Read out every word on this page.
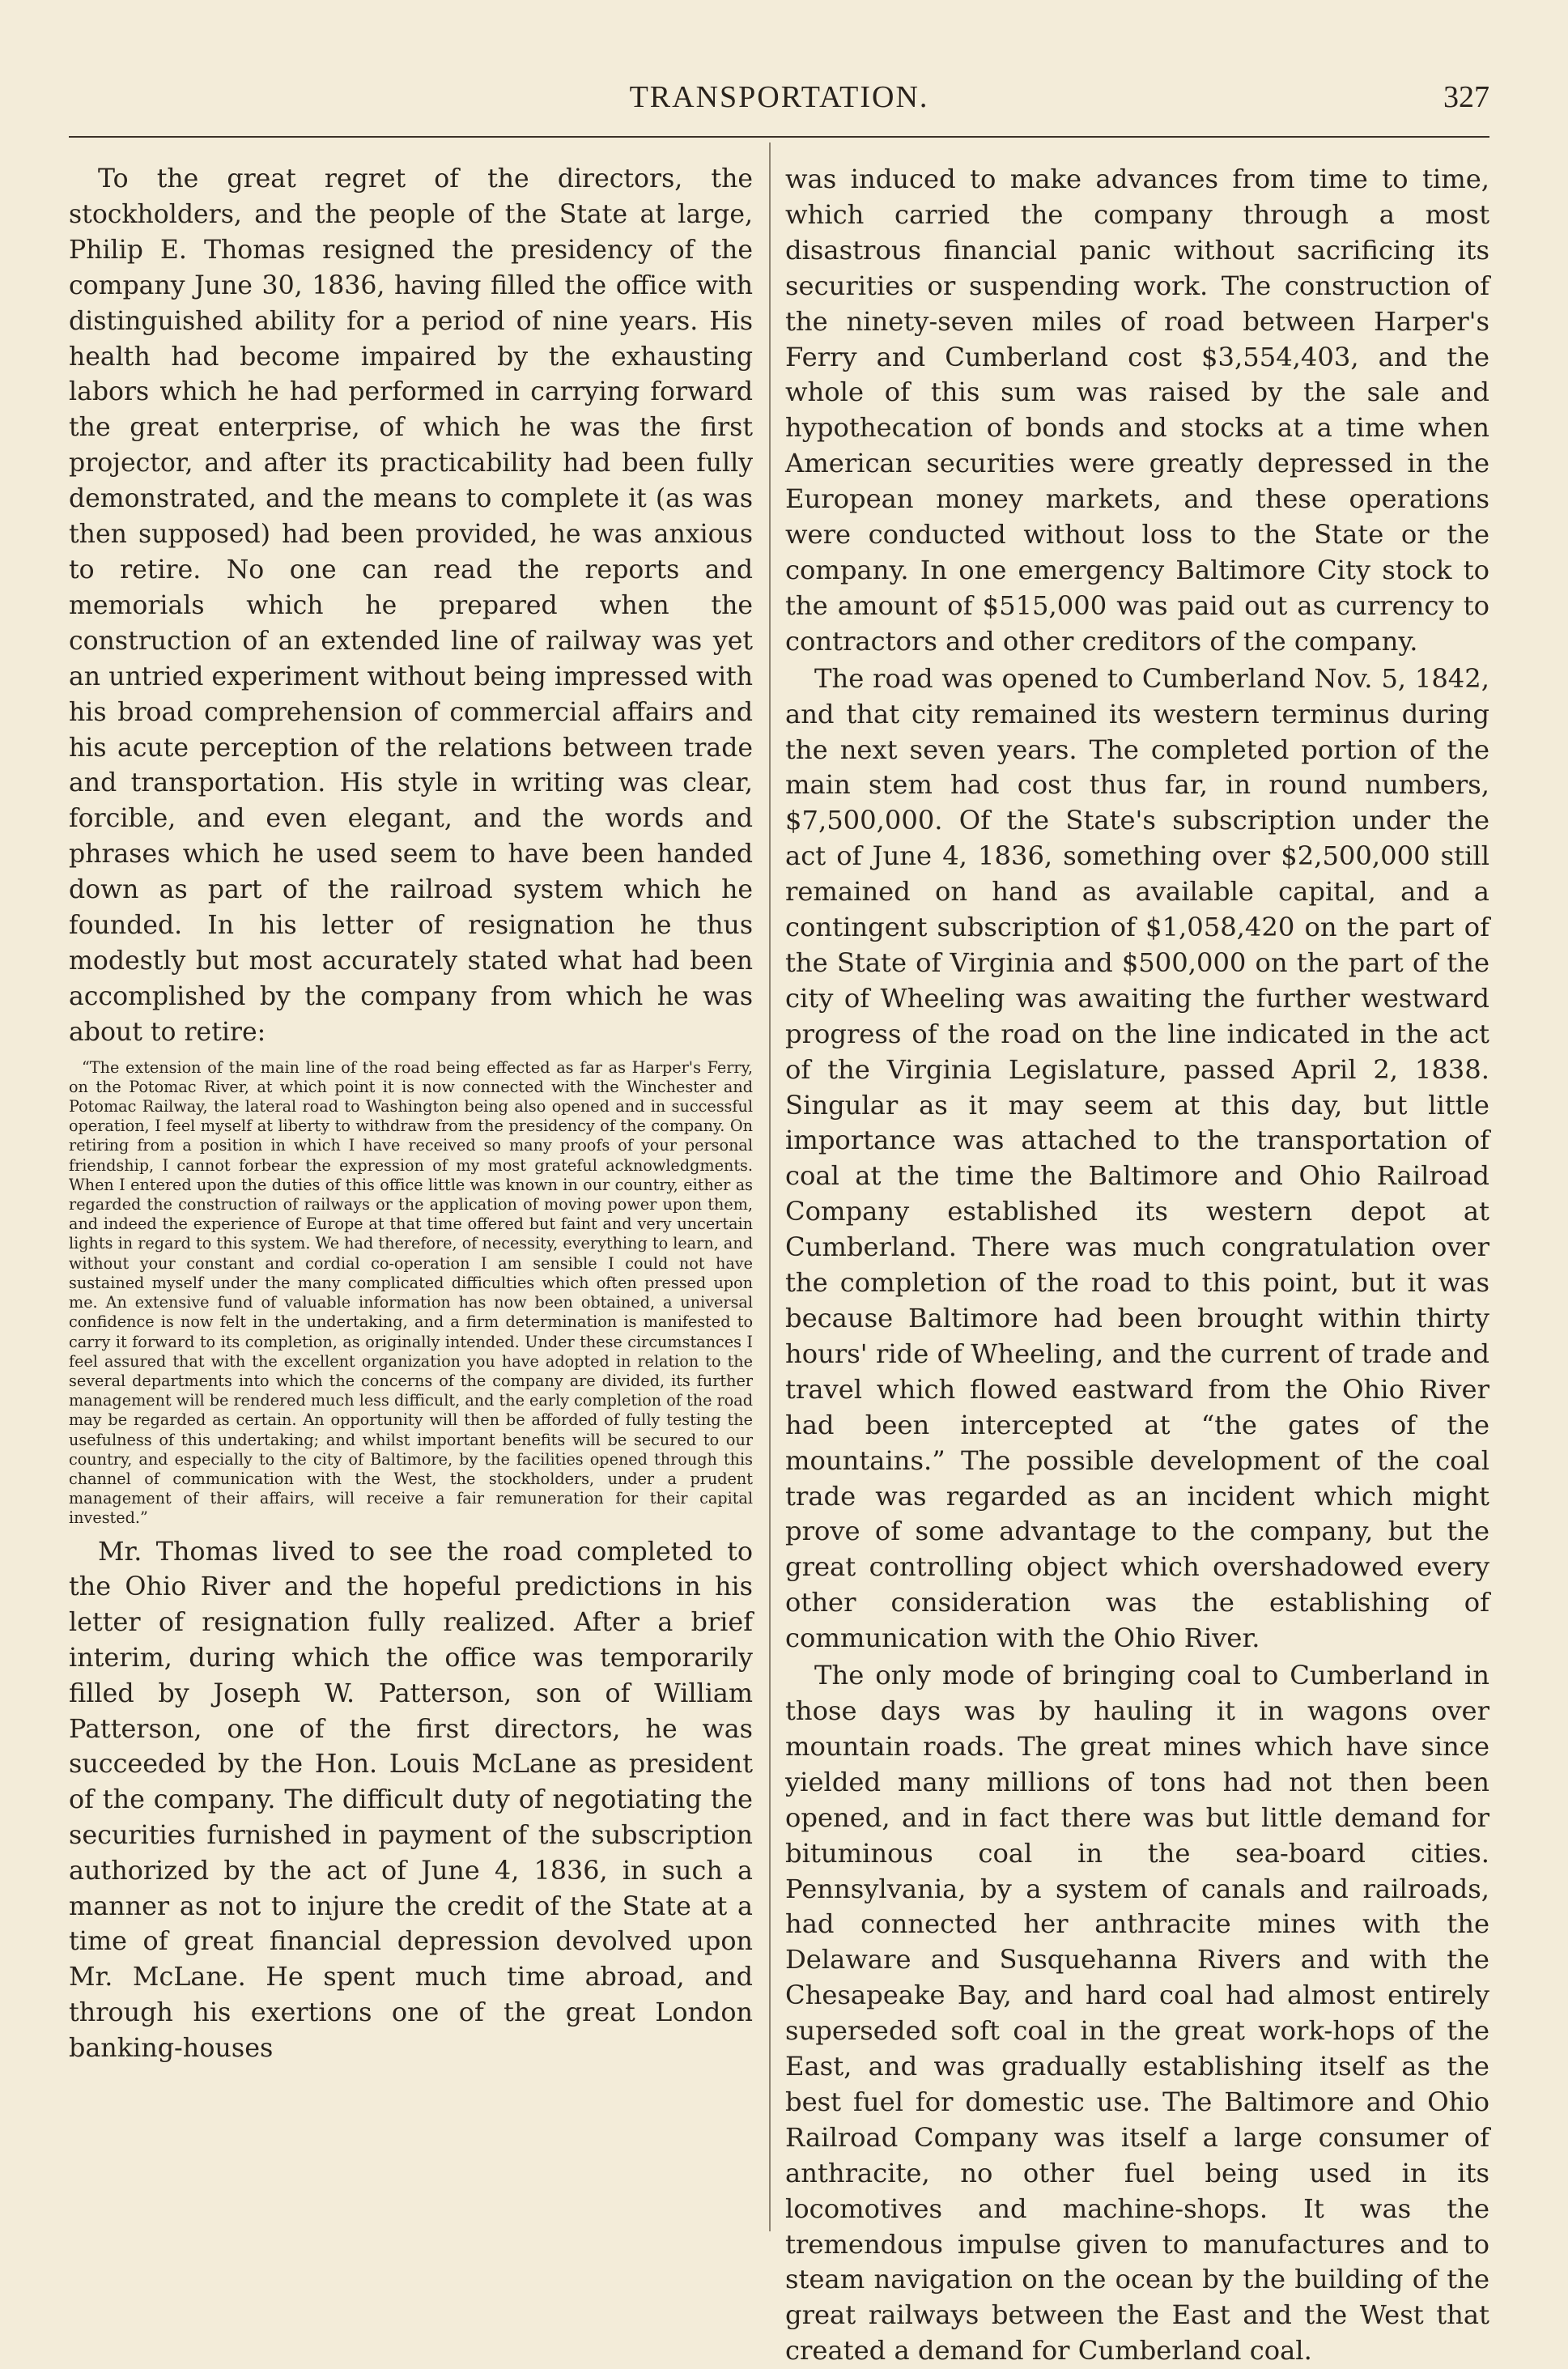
TRANSPORTATION.	327

To the great regret of the directors, the stockholders, and the people of the State at large, Philip E. Thomas resigned the presidency of the company June 30, 1836, having filled the office with distinguished ability for a period of nine years. His health had become impaired by the exhausting labors which he had performed in carrying forward the great enterprise, of which he was the first projector, and after its practicability had been fully demonstrated, and the means to complete it (as was then supposed) had been provided, he was anxious to retire. No one can read the reports and memorials which he prepared when the construction of an extended line of railway was yet an untried experiment without being impressed with his broad comprehension of commercial affairs and his acute perception of the relations between trade and transportation. His style in writing was clear, forcible, and even elegant, and the words and phrases which he used seem to have been handed down as part of the railroad system which he founded. In his letter of resignation he thus modestly but most accurately stated what had been accomplished by the company from which he was about to retire:

“The extension of the main line of the road being effected as far as Harper's Ferry, on the Potomac River, at which point it is now connected with the Winchester and Potomac Railway, the lateral road to Washington being also opened and in successful operation, I feel myself at liberty to withdraw from the presidency of the company. On retiring from a position in which I have received so many proofs of your personal friendship, I cannot forbear the expression of my most grateful acknowledgments. When I entered upon the duties of this office little was known in our country, either as regarded the construction of railways or the application of moving power upon them, and indeed the experience of Europe at that time offered but faint and very uncertain lights in regard to this system. We had therefore, of necessity, everything to learn, and without your constant and cordial co-operation I am sensible I could not have sustained myself under the many complicated difficulties which often pressed upon me. An extensive fund of valuable information has now been obtained, a universal confidence is now felt in the undertaking, and a firm determination is manifested to carry it forward to its completion, as originally intended. Under these circumstances I feel assured that with the excellent organization you have adopted in relation to the several departments into which the concerns of the company are divided, its further management will be rendered much less difficult, and the early completion of the road may be regarded as certain. An opportunity will then be afforded of fully testing the usefulness of this undertaking; and whilst important benefits will be secured to our country, and especially to the city of Baltimore, by the facilities opened through this channel of communication with the West, the stockholders, under a prudent management of their affairs, will receive a fair remuneration for their capital invested.”

Mr. Thomas lived to see the road completed to the Ohio River and the hopeful predictions in his letter of resignation fully realized. After a brief interim, during which the office was temporarily filled by Joseph W. Patterson, son of William Patterson, one of the first directors, he was succeeded by the Hon. Louis McLane as president of the company. The difficult duty of negotiating the securities furnished in payment of the subscription authorized by the act of June 4, 1836, in such a manner as not to injure the credit of the State at a time of great financial depression devolved upon Mr. McLane. He spent much time abroad, and through his exertions one of the great London banking-houses

was induced to make advances from time to time, which carried the company through a most disastrous financial panic without sacrificing its securities or suspending work. The construction of the ninety-seven miles of road between Harper's Ferry and Cumberland cost $3,554,403, and the whole of this sum was raised by the sale and hypothecation of bonds and stocks at a time when American securities were greatly depressed in the European money markets, and these operations were conducted without loss to the State or the company. In one emergency Baltimore City stock to the amount of $515,000 was paid out as currency to contractors and other creditors of the company.

The road was opened to Cumberland Nov. 5, 1842, and that city remained its western terminus during the next seven years. The completed portion of the main stem had cost thus far, in round numbers, $7,500,000. Of the State's subscription under the act of June 4, 1836, something over $2,500,000 still remained on hand as available capital, and a contingent subscription of $1,058,420 on the part of the State of Virginia and $500,000 on the part of the city of Wheeling was awaiting the further westward progress of the road on the line indicated in the act of the Virginia Legislature, passed April 2, 1838. Singular as it may seem at this day, but little importance was attached to the transportation of coal at the time the Baltimore and Ohio Railroad Company established its western depot at Cumberland. There was much congratulation over the completion of the road to this point, but it was because Baltimore had been brought within thirty hours' ride of Wheeling, and the current of trade and travel which flowed eastward from the Ohio River had been intercepted at “the gates of the mountains.” The possible development of the coal trade was regarded as an incident which might prove of some advantage to the company, but the great controlling object which overshadowed every other consideration was the establishing of communication with the Ohio River.

The only mode of bringing coal to Cumberland in those days was by hauling it in wagons over mountain roads. The great mines which have since yielded many millions of tons had not then been opened, and in fact there was but little demand for bituminous coal in the sea-board cities. Pennsylvania, by a system of canals and railroads, had connected her anthracite mines with the Delaware and Susquehanna Rivers and with the Chesapeake Bay, and hard coal had almost entirely superseded soft coal in the great work-hops of the East, and was gradually establishing itself as the best fuel for domestic use. The Baltimore and Ohio Railroad Company was itself a large consumer of anthracite, no other fuel being used in its locomotives and machine-shops. It was the tremendous impulse given to manufactures and to steam navigation on the ocean by the building of the great railways between the East and the West that created a demand for Cumberland coal.
